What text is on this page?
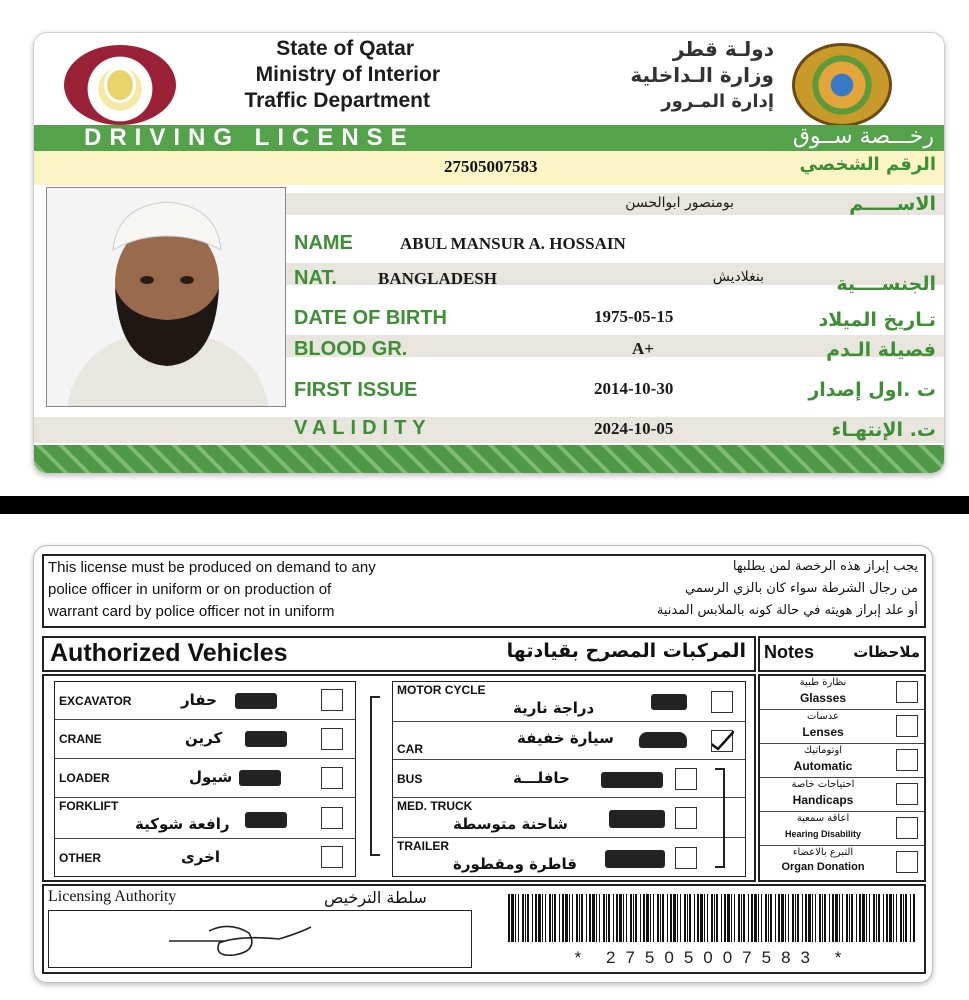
State of Qatar
Ministry of Interior
Traffic Department
دولـة قطر
وزارة الـداخلية
إدارة المـرور
DRIVING LICENSE	رخـــصة ســوق
27505007583	الرقم الشخصي
بومنصور ابوالحسن	الاســـــم
NAME	ABUL MANSUR A. HOSSAIN
NAT. BANGLADESH	بنغلاديش	الجنســــية
DATE OF BIRTH	1975-05-15	تـاريخ الميلاد
BLOOD GR.	A+	فصيلة الـدم
FIRST ISSUE	2014-10-30	ت .اول إصدار
VALIDITY	2024-10-05	ت. الإنتهـاء
This license must be produced on demand to any
police officer in uniform or on production of
warrant card by police officer not in uniform
يجب إبراز هذه الرخصة لمن يطلبها
من رجال الشرطة سواء كان بالزي الرسمي
أو علد إبراز هويته في حالة كونه بالملابس المدنية
Authorized Vehicles	المركبات المصرح بقيادتها Notes	ملاحظات
EXCAVATOR	حفار
CRANE	كرين
LOADER	شيول
FORKLIFT
رافعة شوكية
OTHER	اخرى
MOTOR CYCLE
دراجة نارية
CAR
سيارة خفيفة
BUS	حافلـــة
MED. TRUCK
شاحنة متوسطة
TRAILER
قاطرة ومقطورة
نظارة طبية
Glasses
عدسات
Lenses
اوتوماتيك
Automatic
احتياجات خاصة
Handicaps
اعاقة سمعية
Hearing Disability
التبرع بالاعضاء
Organ Donation
Licensing Authority	سلطة الترخيص
* 27505007583 *
